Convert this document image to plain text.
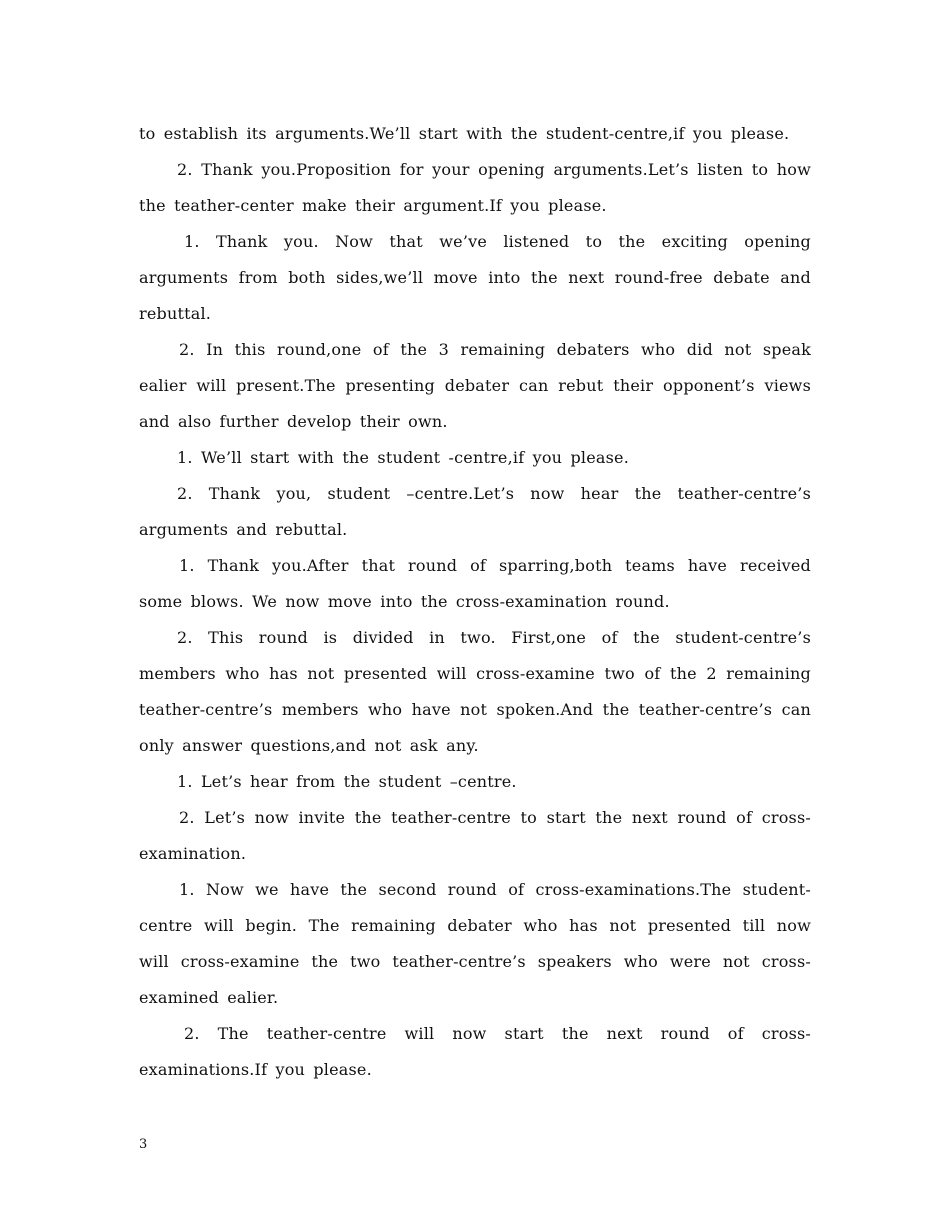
to establish its arguments.We’ll start with the student-centre,if you please.

2. Thank you.Proposition for your opening arguments.Let’s listen to how the teather-center make their argument.If you please.

1. Thank you. Now that we’ve listened to the exciting opening arguments from both sides,we’ll move into the next round-free debate and rebuttal.

2. In this round,one of the 3 remaining debaters who did not speak ealier will present.The presenting debater can rebut their opponent’s views and also further develop their own.

1. We’ll start with the student -centre,if you please.

2. Thank you, student –centre.Let’s now hear the teather-centre’s arguments and rebuttal.

1. Thank you.After that round of sparring,both teams have received some blows. We now move into the cross-examination round.

2. This round is divided in two. First,one of the student-centre’s members who has not presented will cross-examine two of the 2 remaining teather-centre’s members who have not spoken.And the teather-centre’s can only answer questions,and not ask any.

1. Let’s hear from the student –centre.

2. Let’s now invite the teather-centre to start the next round of cross-examination.

1. Now we have the second round of cross-examinations.The student-centre will begin. The remaining debater who has not presented till now will cross-examine the two teather-centre’s speakers who were not cross-examined ealier.

2. The teather-centre will now start the next round of cross-examinations.If you please.

3
